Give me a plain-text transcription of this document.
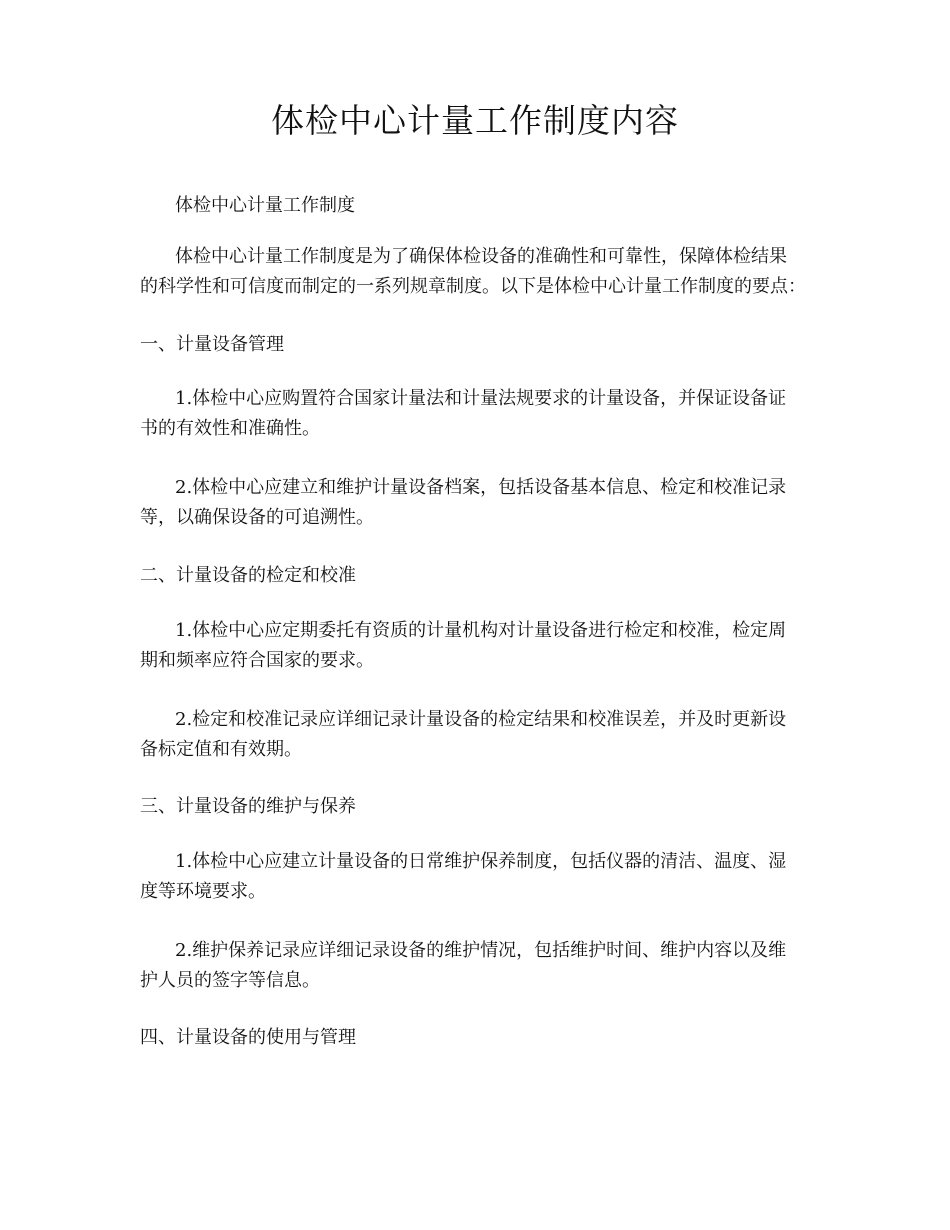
体检中心计量工作制度内容

体检中心计量工作制度

体检中心计量工作制度是为了确保体检设备的准确性和可靠性，保障体检结果
的科学性和可信度而制定的一系列规章制度。以下是体检中心计量工作制度的要点：

一、计量设备管理

1.体检中心应购置符合国家计量法和计量法规要求的计量设备，并保证设备证
书的有效性和准确性。

2.体检中心应建立和维护计量设备档案，包括设备基本信息、检定和校准记录
等，以确保设备的可追溯性。

二、计量设备的检定和校准

1.体检中心应定期委托有资质的计量机构对计量设备进行检定和校准，检定周
期和频率应符合国家的要求。

2.检定和校准记录应详细记录计量设备的检定结果和校准误差，并及时更新设
备标定值和有效期。

三、计量设备的维护与保养

1.体检中心应建立计量设备的日常维护保养制度，包括仪器的清洁、温度、湿
度等环境要求。

2.维护保养记录应详细记录设备的维护情况，包括维护时间、维护内容以及维
护人员的签字等信息。

四、计量设备的使用与管理
